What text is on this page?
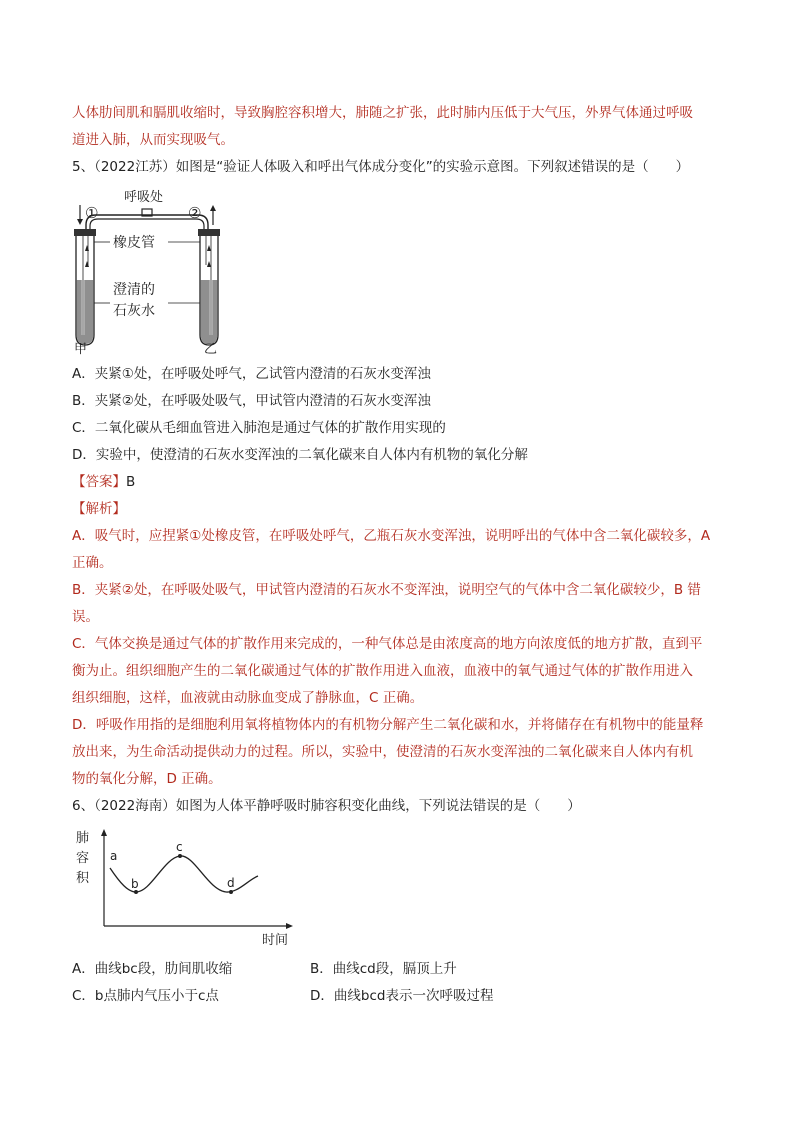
人体肋间肌和膈肌收缩时，导致胸腔容积增大，肺随之扩张，此时肺内压低于大气压，外界气体通过呼吸

道进入肺，从而实现吸气。

5、（2022江苏）如图是“验证人体吸入和呼出气体成分变化”的实验示意图。下列叙述错误的是（　　）

呼吸处
①	②
橡皮管
澄清的
石灰水
甲	乙

A．夹紧①处，在呼吸处呼气，乙试管内澄清的石灰水变浑浊

B．夹紧②处，在呼吸处吸气，甲试管内澄清的石灰水变浑浊

C．二氧化碳从毛细血管进入肺泡是通过气体的扩散作用实现的

D．实验中，使澄清的石灰水变浑浊的二氧化碳来自人体内有机物的氧化分解

【答案】B

【解析】

A．吸气时，应捏紧①处橡皮管，在呼吸处呼气，乙瓶石灰水变浑浊，说明呼出的气体中含二氧化碳较多，A

正确。

B．夹紧②处，在呼吸处吸气，甲试管内澄清的石灰水不变浑浊，说明空气的气体中含二氧化碳较少，B 错

误。

C．气体交换是通过气体的扩散作用来完成的，一种气体总是由浓度高的地方向浓度低的地方扩散，直到平

衡为止。组织细胞产生的二氧化碳通过气体的扩散作用进入血液，血液中的氧气通过气体的扩散作用进入

组织细胞，这样，血液就由动脉血变成了静脉血，C 正确。

D．呼吸作用指的是细胞利用氧将植物体内的有机物分解产生二氧化碳和水，并将储存在有机物中的能量释

放出来，为生命活动提供动力的过程。所以，实验中，使澄清的石灰水变浑浊的二氧化碳来自人体内有机

物的氧化分解，D 正确。

6、（2022海南）如图为人体平静呼吸时肺容积变化曲线，下列说法错误的是（　　）

肺
容
积
时间
a
b
c
d

A．曲线bc段，肋间肌收缩	B．曲线cd段，膈顶上升

C．b点肺内气压小于c点	D．曲线bcd表示一次呼吸过程
